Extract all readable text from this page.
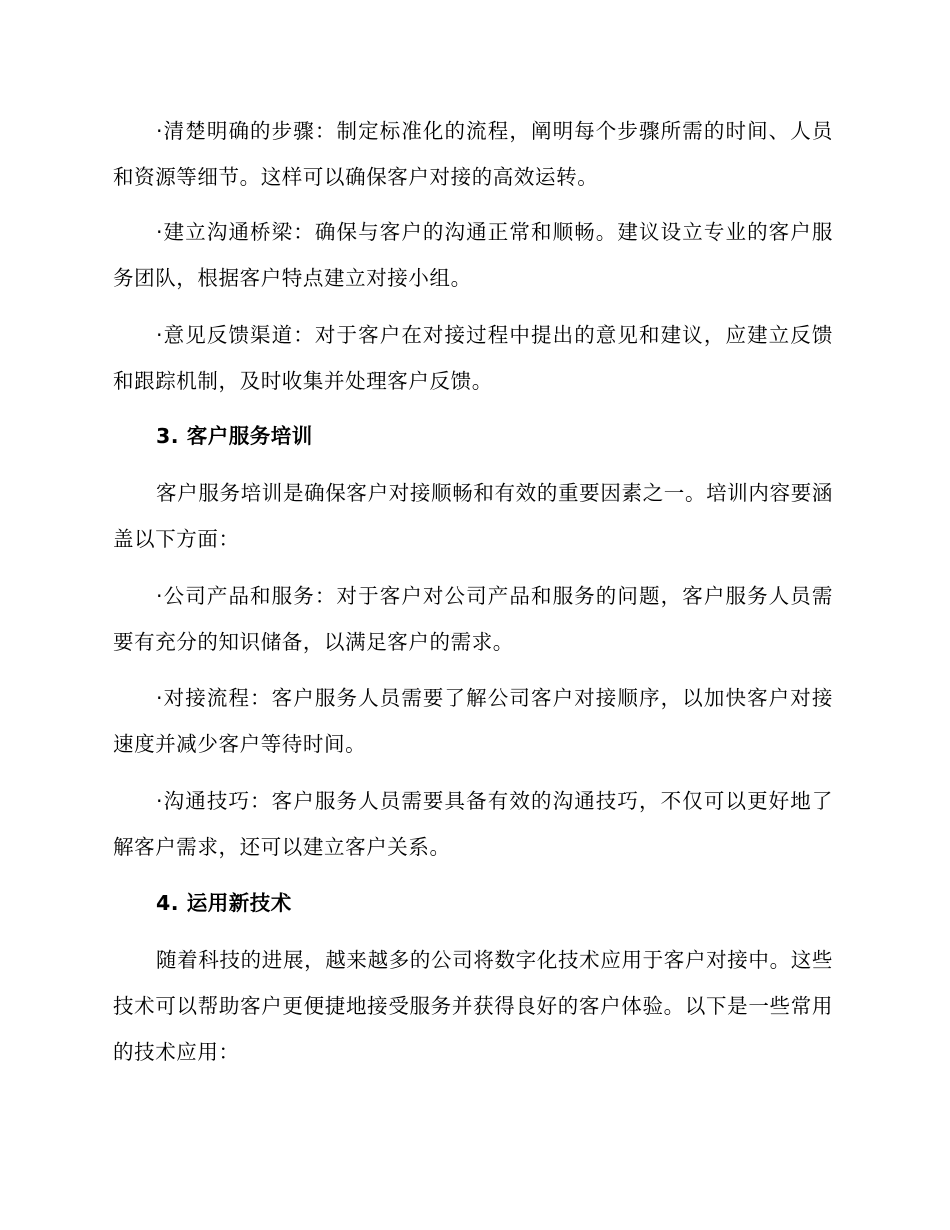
·清楚明确的步骤：制定标准化的流程，阐明每个步骤所需的时间、人员和资源等细节。这样可以确保客户对接的高效运转。

·建立沟通桥梁：确保与客户的沟通正常和顺畅。建议设立专业的客户服务团队，根据客户特点建立对接小组。

·意见反馈渠道：对于客户在对接过程中提出的意见和建议，应建立反馈和跟踪机制，及时收集并处理客户反馈。

3. 客户服务培训

客户服务培训是确保客户对接顺畅和有效的重要因素之一。培训内容要涵盖以下方面：

·公司产品和服务：对于客户对公司产品和服务的问题，客户服务人员需要有充分的知识储备，以满足客户的需求。

·对接流程：客户服务人员需要了解公司客户对接顺序，以加快客户对接速度并减少客户等待时间。

·沟通技巧：客户服务人员需要具备有效的沟通技巧，不仅可以更好地了解客户需求，还可以建立客户关系。

4. 运用新技术

随着科技的进展，越来越多的公司将数字化技术应用于客户对接中。这些技术可以帮助客户更便捷地接受服务并获得良好的客户体验。以下是一些常用的技术应用：
